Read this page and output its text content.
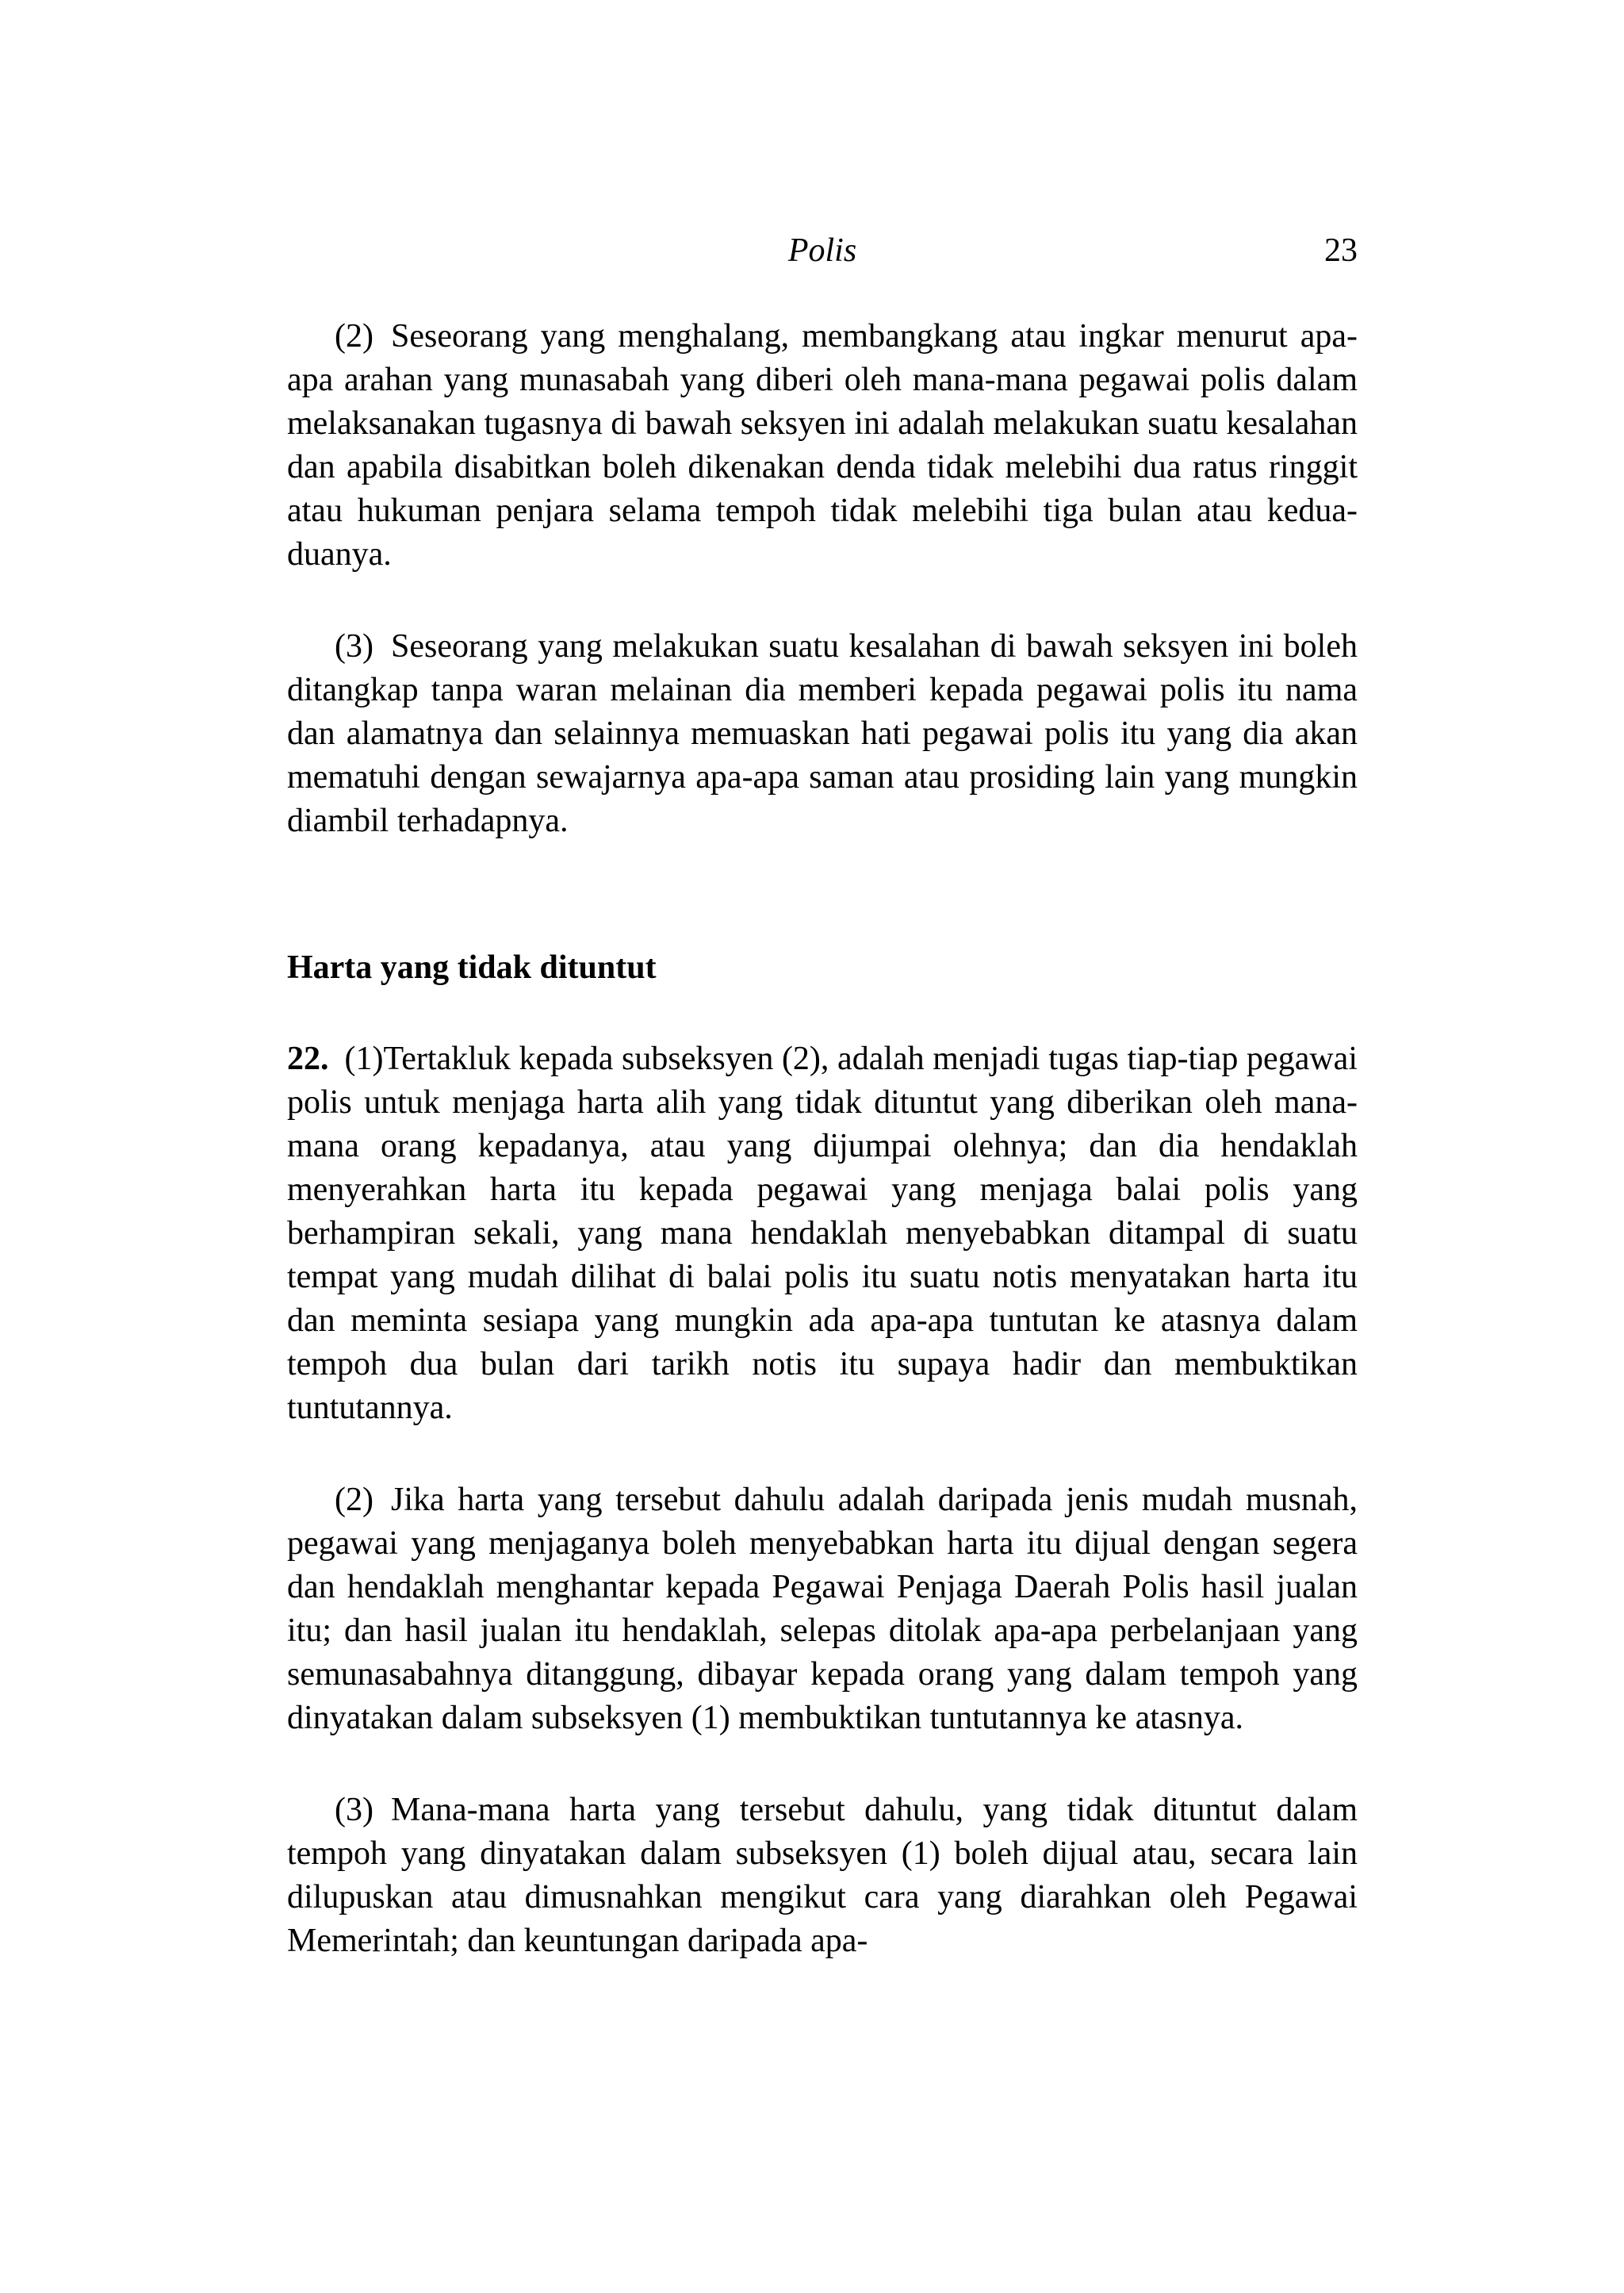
Polis	23

(2) Seseorang yang menghalang, membangkang atau ingkar menurut apa-apa arahan yang munasabah yang diberi oleh mana-mana pegawai polis dalam melaksanakan tugasnya di bawah seksyen ini adalah melakukan suatu kesalahan dan apabila disabitkan boleh dikenakan denda tidak melebihi dua ratus ringgit atau hukuman penjara selama tempoh tidak melebihi tiga bulan atau kedua-duanya.

(3) Seseorang yang melakukan suatu kesalahan di bawah seksyen ini boleh ditangkap tanpa waran melainan dia memberi kepada pegawai polis itu nama dan alamatnya dan selainnya memuaskan hati pegawai polis itu yang dia akan mematuhi dengan sewajarnya apa-apa saman atau prosiding lain yang mungkin diambil terhadapnya.

Harta yang tidak dituntut

22. (1)Tertakluk kepada subseksyen (2), adalah menjadi tugas tiap-tiap pegawai polis untuk menjaga harta alih yang tidak dituntut yang diberikan oleh mana-mana orang kepadanya, atau yang dijumpai olehnya; dan dia hendaklah menyerahkan harta itu kepada pegawai yang menjaga balai polis yang berhampiran sekali, yang mana hendaklah menyebabkan ditampal di suatu tempat yang mudah dilihat di balai polis itu suatu notis menyatakan harta itu dan meminta sesiapa yang mungkin ada apa-apa tuntutan ke atasnya dalam tempoh dua bulan dari tarikh notis itu supaya hadir dan membuktikan tuntutannya.

(2) Jika harta yang tersebut dahulu adalah daripada jenis mudah musnah, pegawai yang menjaganya boleh menyebabkan harta itu dijual dengan segera dan hendaklah menghantar kepada Pegawai Penjaga Daerah Polis hasil jualan itu; dan hasil jualan itu hendaklah, selepas ditolak apa-apa perbelanjaan yang semunasabahnya ditanggung, dibayar kepada orang yang dalam tempoh yang dinyatakan dalam subseksyen (1) membuktikan tuntutannya ke atasnya.

(3) Mana-mana harta yang tersebut dahulu, yang tidak dituntut dalam tempoh yang dinyatakan dalam subseksyen (1) boleh dijual atau, secara lain dilupuskan atau dimusnahkan mengikut cara yang diarahkan oleh Pegawai Memerintah; dan keuntungan daripada apa-
